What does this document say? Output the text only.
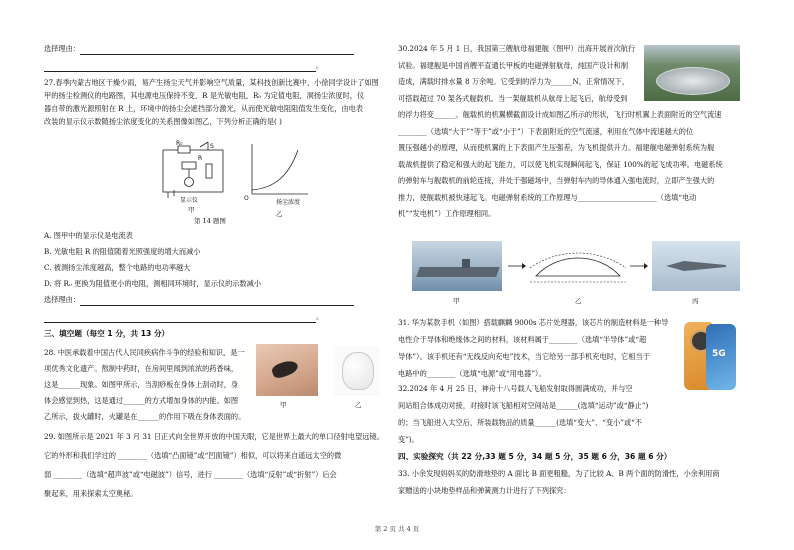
选择理由：
。
27.春季内蒙古地区干燥少雨，易产生扬尘天气并影响空气质量，某科技创新比赛中，小徐同学设计了如图
甲的扬尘检测仪的电路图，其电源电压保持不变，R 是光敏电阻，R₀ 为定值电阻，洞扬尘浓度时，仪
器自带的激光源照射在 R 上，环境中的扬尘会遮挡部分激光，从而使光敏电阻阻值发生变化，由电表
改装的显示仪示数随扬尘浓度变化的关系图像如图乙，下列分析正确的是( )
R₀	S
R
显示仪
甲
O
扬尘浓度
乙
第 14 题图
A. 图甲中的显示仪是电流表
B. 光敏电阻 R 的阻值随着光照强度的增大而减小
C. 被测扬尘浓度越高，整个电路的电功率越大
D. 将 R₀ 更换为阻值更小的电阻，测相同环境时，显示仪的示数减小
选择理由：
。
三、填空题（每空 1 分，共 13 分）
28. 中医承载着中国古代人民同疾病作斗争的经验和知识，是一
项优秀文化遗产。熬制中药时，在房间里闻到浓浓的药香味，
这是______现象。如图甲所示，当刮痧板在身体上刮动时，身
体会感觉到热，这是通过______的方式增加身体的内能。如图
乙所示，拔火罐时，火罐是在______的作用下吸在身体表面的。
甲	乙
29. 如图所示是 2021 年 3 月 31 日正式向全世界开放的中国天眼，它是世界上最大的单口径射电望远镜。
它的外形和我们学过的 ________（选填“凸面镜”或“凹面镜”）相似，可以将来自遥远太空的微
弱 ________（选填“超声波”或“电磁波”）信号，进行 ________（选填“反射”或“折射”）后会
聚起来，用来探索太空奥秘。
30.2024 年 5 月 1 日，我国第三艘航母福建舰（图甲）出海开展首次航行
试验。福建舰是中国首艘平直通长甲板的电磁弹射航母，纯国产设计和制
造成，满载时排水量 8 万余吨。它受到的浮力为______N，正常情况下，
可搭载超过 70 架各式舰载机。当一架舰载机从航母上起飞后，航母受到
的浮力将变______。舰载机的机翼横截面设计成如图乙所示的形状，飞行时机翼上表面附近的空气流速
________（选填“大于”“等于”或“小于”）下表面附近的空气流速，利用在气体中流速越大的位
置压强越小的原理，从而使机翼的上下表面产生压强差，为飞机提供升力。福建舰电磁弹射系统为舰
载战机提供了稳定和强大的起飞能力，可以使飞机实现瞬间起飞，保证 100%的起飞成功率。电磁系统
的弹射车与舰载机的前轮连接，并处于强磁场中，当弹射车内的导体通入强电流时，立即产生强大的
推力，使舰载机被快速起飞。电磁弹射系统的工作原理与______________________（选填“电动
机”“发电机”）工作原理相同。
甲	乙	丙
31. 华为某款手机（如图）搭载麒麟 9000s 芯片处理器，该芯片的制造材料是一种导
电性介于导体和绝缘体之间的材料，该材料属于________（选填“半导体”或“超
导体”）。该手机还有“无线反向充电”技术，当它给另一部手机充电时，它相当于
电路中的________（选填“电源”或“用电器”）。
5G
32.2024 年 4 月 25 日，神舟十八号载人飞船发射取得圆满成功，并与空
间站组合体成功对接，对接时该飞船相对空间站是______(选填“运动”或“静止”)
的；当飞船进入太空后，所装载物品的质量______(选填“变大”、“变小”或“不
变”)。
四、实验探究（共 22 分,33 题 5 分，34 题 5 分，35 题 6 分，36 题 6 分）
33. 小余发现妈妈买的防滑地垫的 A 面比 B 面更粗糙，为了比较 A、B 两个面的防滑性，小余利用商
家赠送的小块地垫样品和弹簧测力计进行了下列探究：
第 2 页 共 4 页
